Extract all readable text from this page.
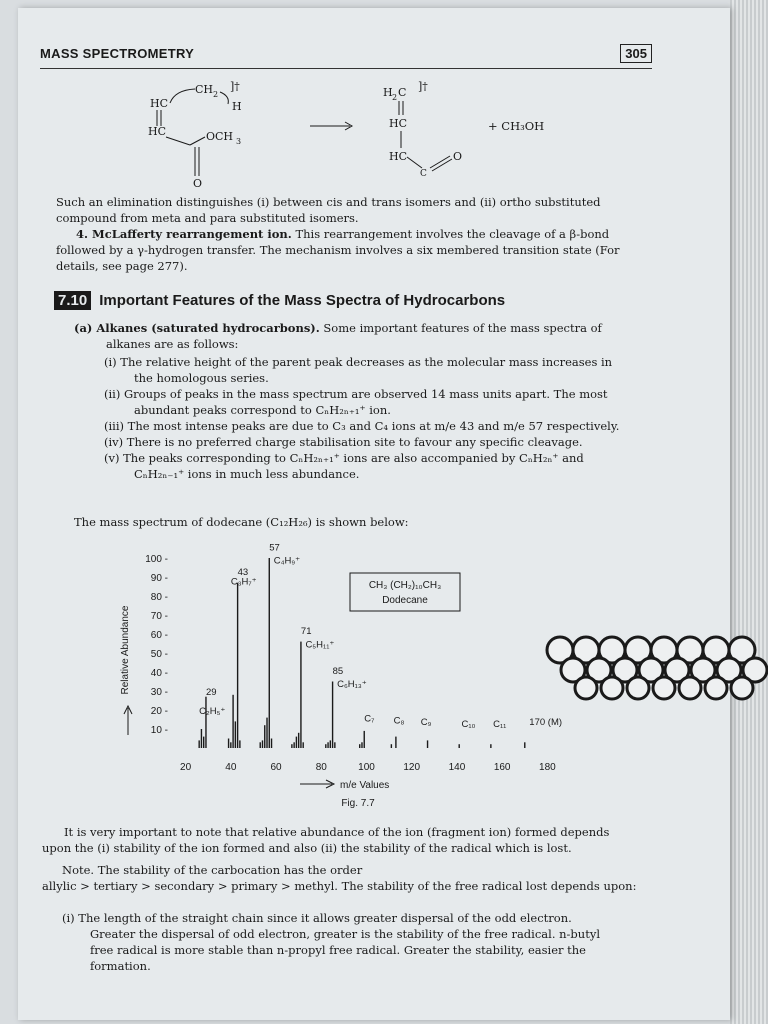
MASS SPECTROMETRY	305
CH 2
]†
HC	H
HC	OCH 3
O
H 2 C ]†
HC
HC
C
O
+ CH₃OH
Such an elimination distinguishes (i) between cis and trans isomers and (ii) ortho substituted
compound from meta and para substituted isomers.
4. McLafferty rearrangement ion. This rearrangement involves the cleavage of a β-bond
followed by a γ-hydrogen transfer. The mechanism involves a six membered transition state (For
details, see page 277).
7.10 Important Features of the Mass Spectra of Hydrocarbons
(a) Alkanes (saturated hydrocarbons). Some important features of the mass spectra of
alkanes are as follows:
(i) The relative height of the parent peak decreases as the molecular mass increases in
the homologous series.
(ii) Groups of peaks in the mass spectrum are observed 14 mass units apart. The most
abundant peaks correspond to CₙH₂ₙ₊₁⁺ ion.
(iii) The most intense peaks are due to C₃ and C₄ ions at m/e 43 and m/e 57 respectively.
(iv) There is no preferred charge stabilisation site to favour any specific cleavage.
(v) The peaks corresponding to CₙH₂ₙ₊₁⁺ ions are also accompanied by CₙH₂ₙ⁺ and
CₙH₂ₙ₋₁⁺ ions in much less abundance.
The mass spectrum of dodecane (C₁₂H₂₆) is shown below:
10 -
20 -
30 -
40 -
50 -
60 -
70 -
80 -
90 -
100 -
20	40	60	80	100	120	140	160	180
29
C₂H₅⁺
43
C₃H₇⁺
57
C₄H₉⁺
71
C₅H₁₁⁺
85
C₆H₁₃⁺
C₇ C₈ C₉	C₁₀ C₁₁ 170 (M)
CH₃ (CH₂)₁₀CH₃
Dodecane
Relative Abundance
m/e Values
Fig. 7.7
It is very important to note that relative abundance of the ion (fragment ion) formed depends
upon the (i) stability of the ion formed and also (ii) the stability of the radical which is lost.
Note. The stability of the carbocation has the order
allylic > tertiary > secondary > primary > methyl. The stability of the free radical lost depends upon:
(i) The length of the straight chain since it allows greater dispersal of the odd electron.
Greater the dispersal of odd electron, greater is the stability of the free radical. n-butyl
free radical is more stable than n-propyl free radical. Greater the stability, easier the
formation.
